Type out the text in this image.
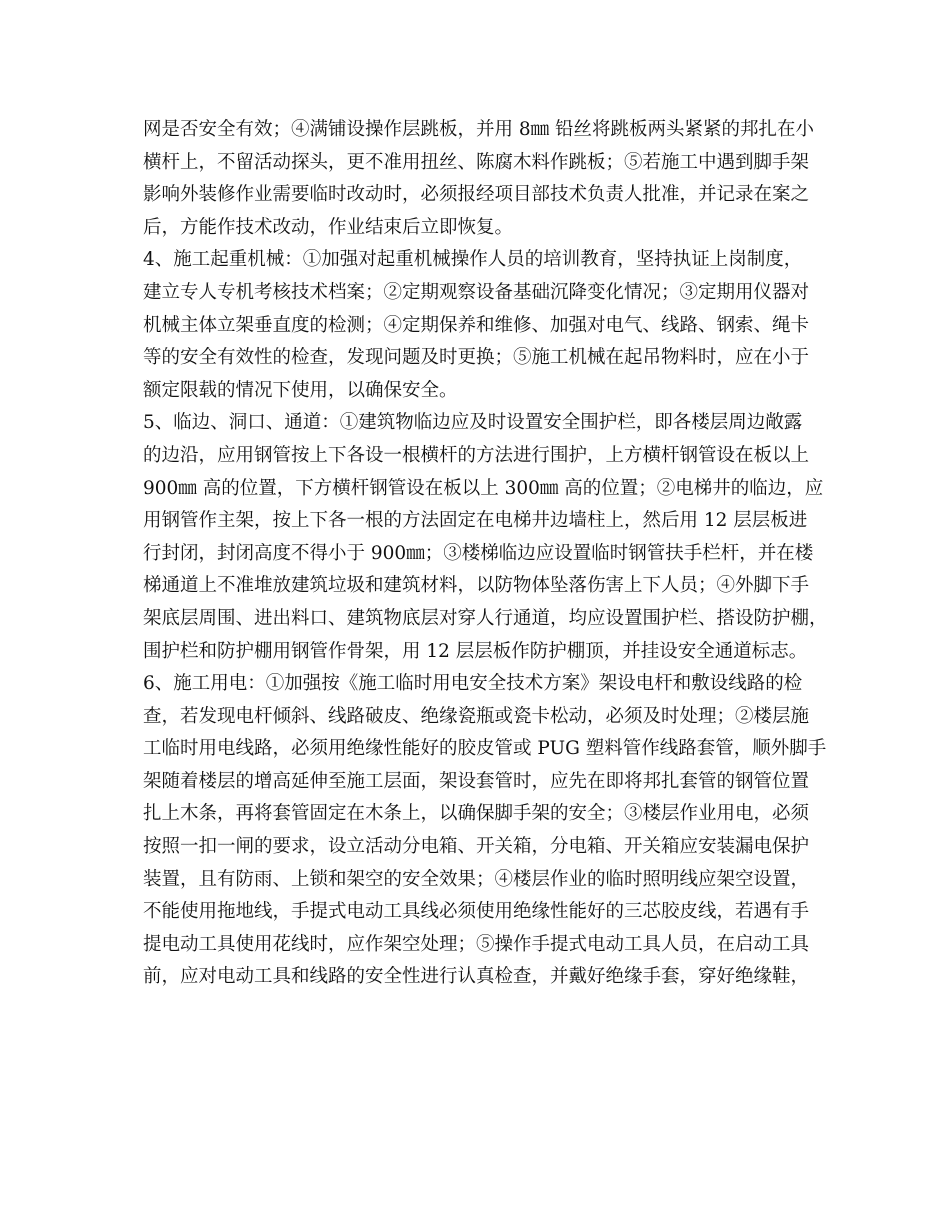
网是否安全有效；④满铺设操作层跳板，并用 8㎜ 铅丝将跳板两头紧紧的邦扎在小
横杆上，不留活动探头，更不准用扭丝、陈腐木料作跳板；⑤若施工中遇到脚手架
影响外装修作业需要临时改动时，必须报经项目部技术负责人批准，并记录在案之
后，方能作技术改动，作业结束后立即恢复。
4、施工起重机械：①加强对起重机械操作人员的培训教育，坚持执证上岗制度，
建立专人专机考核技术档案；②定期观察设备基础沉降变化情况；③定期用仪器对
机械主体立架垂直度的检测；④定期保养和维修、加强对电气、线路、钢索、绳卡
等的安全有效性的检查，发现问题及时更换；⑤施工机械在起吊物料时，应在小于
额定限载的情况下使用，以确保安全。
5、临边、洞口、通道：①建筑物临边应及时设置安全围护栏，即各楼层周边敞露
的边沿，应用钢管按上下各设一根横杆的方法进行围护，上方横杆钢管设在板以上
900㎜ 高的位置，下方横杆钢管设在板以上 300㎜ 高的位置；②电梯井的临边，应
用钢管作主架，按上下各一根的方法固定在电梯井边墙柱上，然后用 12 层层板进
行封闭，封闭高度不得小于 900㎜；③楼梯临边应设置临时钢管扶手栏杆，并在楼
梯通道上不准堆放建筑垃圾和建筑材料，以防物体坠落伤害上下人员；④外脚下手
架底层周围、进出料口、建筑物底层对穿人行通道，均应设置围护栏、搭设防护棚，
围护栏和防护棚用钢管作骨架，用 12 层层板作防护棚顶，并挂设安全通道标志。
6、施工用电：①加强按《施工临时用电安全技术方案》架设电杆和敷设线路的检
查，若发现电杆倾斜、线路破皮、绝缘瓷瓶或瓷卡松动，必须及时处理；②楼层施
工临时用电线路，必须用绝缘性能好的胶皮管或 PUG 塑料管作线路套管，顺外脚手
架随着楼层的增高延伸至施工层面，架设套管时，应先在即将邦扎套管的钢管位置
扎上木条，再将套管固定在木条上，以确保脚手架的安全；③楼层作业用电，必须
按照一扣一闸的要求，设立活动分电箱、开关箱，分电箱、开关箱应安装漏电保护
装置，且有防雨、上锁和架空的安全效果；④楼层作业的临时照明线应架空设置，
不能使用拖地线，手提式电动工具线必须使用绝缘性能好的三芯胶皮线，若遇有手
提电动工具使用花线时，应作架空处理；⑤操作手提式电动工具人员，在启动工具
前，应对电动工具和线路的安全性进行认真检查，并戴好绝缘手套，穿好绝缘鞋，
